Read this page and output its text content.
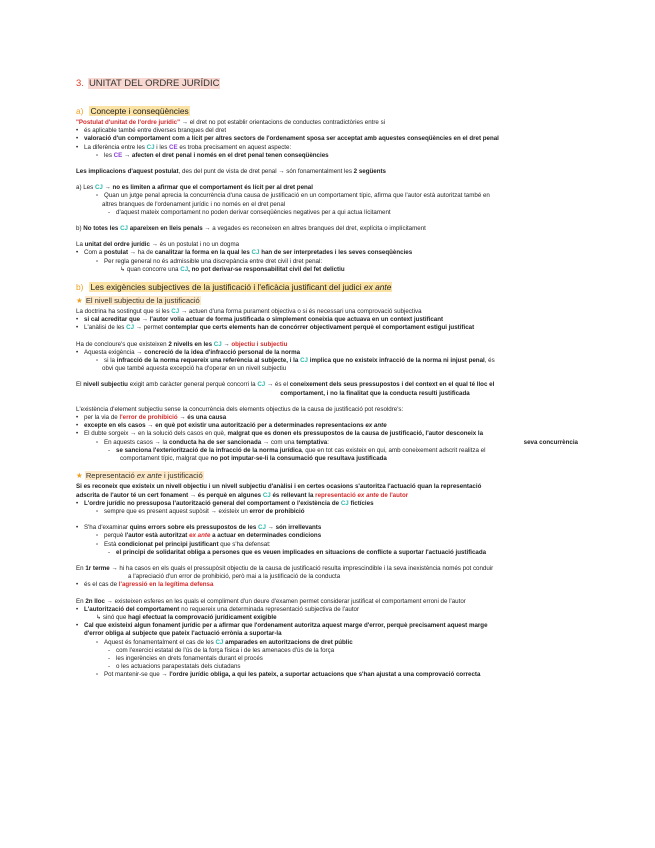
3. UNITAT DEL ORDRE JURÍDIC
a) Concepte i conseqüències
"Postulat d'unitat de l'ordre jurídic" → el dret no pot establir orientacions de conductes contradictòries entre si
• és aplicable també entre diverses branques del dret
• valoració d'un comportament com a lícit per altres sectors de l'ordenament sposa ser acceptat amb aquestes conseqüències en el dret penal
• La diferència entre les CJ i les CE es troba precisament en aquest aspecte:
▫ les CE → afecten el dret penal i només en el dret penal tenen conseqüències
Les implicacions d'aquest postulat, des del punt de vista de dret penal → són fonamentalment les 2 següents
a) Les CJ → no es limiten a afirmar que el comportament és lícit per al dret penal
▫ Quan un jutge penal aprecia la concurrència d'una causa de justificació en un comportament típic, afirma que l'autor està autoritzat també en
altres branques de l'ordenament jurídic i no només en el dret penal
- d'aquest mateix comportament no poden derivar conseqüències negatives per a qui actua lícitament
b) No totes les CJ apareixen en lleis penals → a vegades es reconeixen en altres branques del dret, explícita o implícitament
La unitat del ordre jurídic → és un postulat i no un dogma
• Com a postulat → ha de canalitzar la forma en la qual les CJ han de ser interpretades i les seves conseqüències
▫ Per regla general no és admissible una discrepància entre dret civil i dret penal:
↳ quan concorre una CJ, no pot derivar-se responsabilitat civil del fet delictiu
b) Les exigències subjectives de la justificació i l'eficàcia justificant del judici ex ante
★ El nivell subjectiu de la justificació
La doctrina ha sostingut que si les CJ → actuen d'una forma purament objectiva o si és necessari una comprovació subjectiva
• si cal acreditar que → l'autor volia actuar de forma justificada o simplement coneixia que actuava en un context justificant
• L'anàlisi de les CJ → permet contemplar que certs elements han de concórrer objectivament perquè el comportament estigui justificat
Ha de concloure's que existeixen 2 nivells en les CJ → objectiu i subjectiu
• Aquesta exigència → concreció de la idea d'infracció personal de la norma
▫ si la infracció de la norma requereix una referència al subjecte, i la CJ implica que no existeix infracció de la norma ni injust penal, és
obvi que també aquesta excepció ha d'operar en un nivell subjectiu
El nivell subjectiu exigit amb caràcter general perquè concorri la CJ → és el coneixement dels seus pressupostos i del context en el qual té lloc el
comportament, i no la finalitat que la conducta resulti justificada
L'existència d'element subjectiu sense la concurrència dels elements objectius de la causa de justificació pot resoldre's:
• per la via de l'error de prohibició → és una causa
• excepte en els casos → en què pot existir una autorització per a determinades representacions ex ante
• El dubte sorgeix → en la solució dels casos en què, malgrat que es donen els pressupostos de la causa de justificació, l'autor desconeix la
▫ En aquests casos → la conducta ha de ser sancionada → com una temptativa:	seva concurrència
- se sanciona l'exteriorització de la infracció de la norma jurídica, que en tot cas existeix en qui, amb coneixement adscrit realitza el
comportament típic, malgrat que no pot imputar-se-li la consumació que resultava justificada
★ Representació ex ante i justificació
Si es reconeix que existeix un nivell objectiu i un nivell subjectiu d'anàlisi i en certes ocasions s'autoritza l'actuació quan la representació
adscrita de l'autor té un cert fonament → és perquè en algunes CJ és rellevant la representació ex ante de l'autor
• L'ordre jurídic no pressuposa l'autorització general del comportament o l'existència de CJ fictícies
▫ sempre que es present aquest supòsit → existeix un error de prohibició
• S'ha d'examinar quins errors sobre els pressupostos de les CJ → són irrellevants
▫ perquè l'autor està autoritzat ex ante a actuar en determinades condicions
▫ Està condicionat pel principi justificant que s'ha defensat:
- el principi de solidaritat obliga a persones que es veuen implicades en situacions de conflicte a suportar l'actuació justificada
En 1r terme → hi ha casos en els quals el pressupòsit objectiu de la causa de justificació resulta imprescindible i la seva inexistència només pot conduir
a l'apreciació d'un error de prohibició, però mai a la justificació de la conducta
• és el cas de l'agressió en la legítima defensa
En 2n lloc → existeixen esferes en les quals el compliment d'un deure d'examen permet considerar justificat el comportament erroni de l'autor
• L'autorització del comportament no requereix una determinada representació subjectiva de l'autor
↳ sinó que hagi efectuat la comprovació jurídicament exigible
• Cal que existeixi algun fonament jurídic per a afirmar que l'ordenament autoritza aquest marge d'error, perquè precisament aquest marge
d'error obliga al subjecte que pateix l'actuació errònia a suportar-la
▫ Aquest és fonamentalment el cas de les CJ amparades en autoritzacions de dret públic
- com l'exercici estatal de l'ús de la força física i de les amenaces d'ús de la força
- les ingerències en drets fonamentals durant el procés
- o les actuacions parapestatals dels ciutadans
▫ Pot mantenir-se que → l'ordre jurídic obliga, a qui les pateix, a suportar actuacions que s'han ajustat a una comprovació correcta
